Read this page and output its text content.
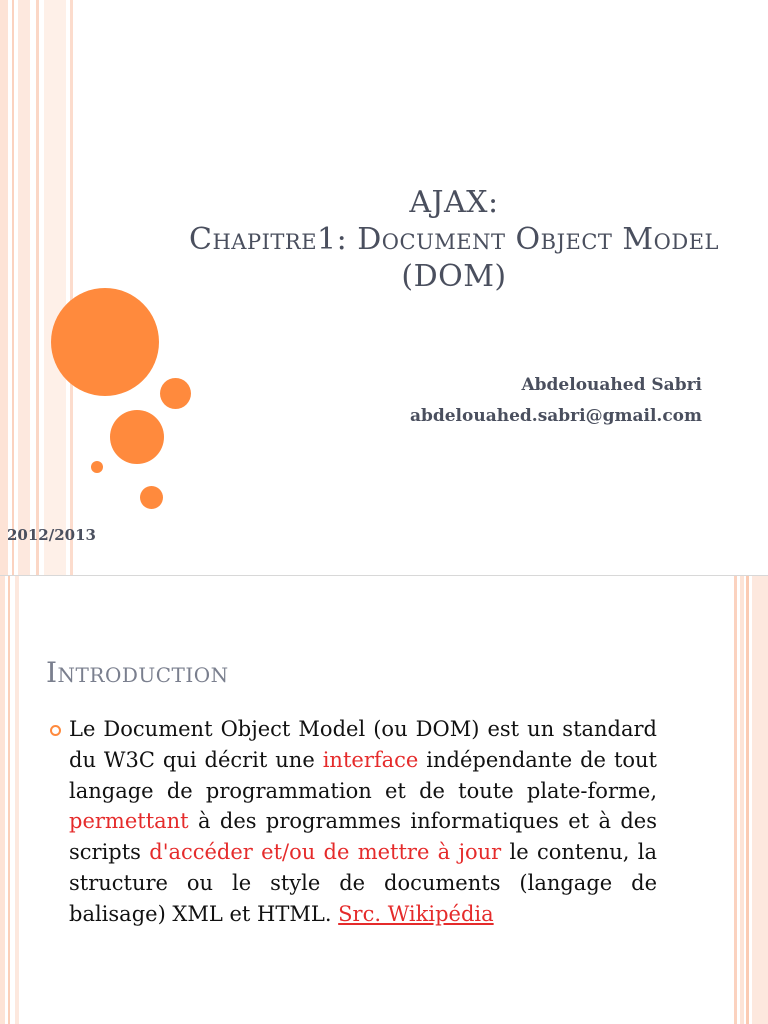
AJAX:
Chapitre1: Document Object Model
(DOM)
Abdelouahed Sabri
abdelouahed.sabri@gmail.com
2012/2013
Introduction
Le Document Object Model (ou DOM) est un standard du W3C qui décrit une interface indépendante de tout langage de programmation et de toute plate-forme, permettant à des programmes informatiques et à des scripts d'accéder et/ou de mettre à jour le contenu, la structure ou le style de documents (langage de balisage) XML et HTML. Src. Wikipédia
